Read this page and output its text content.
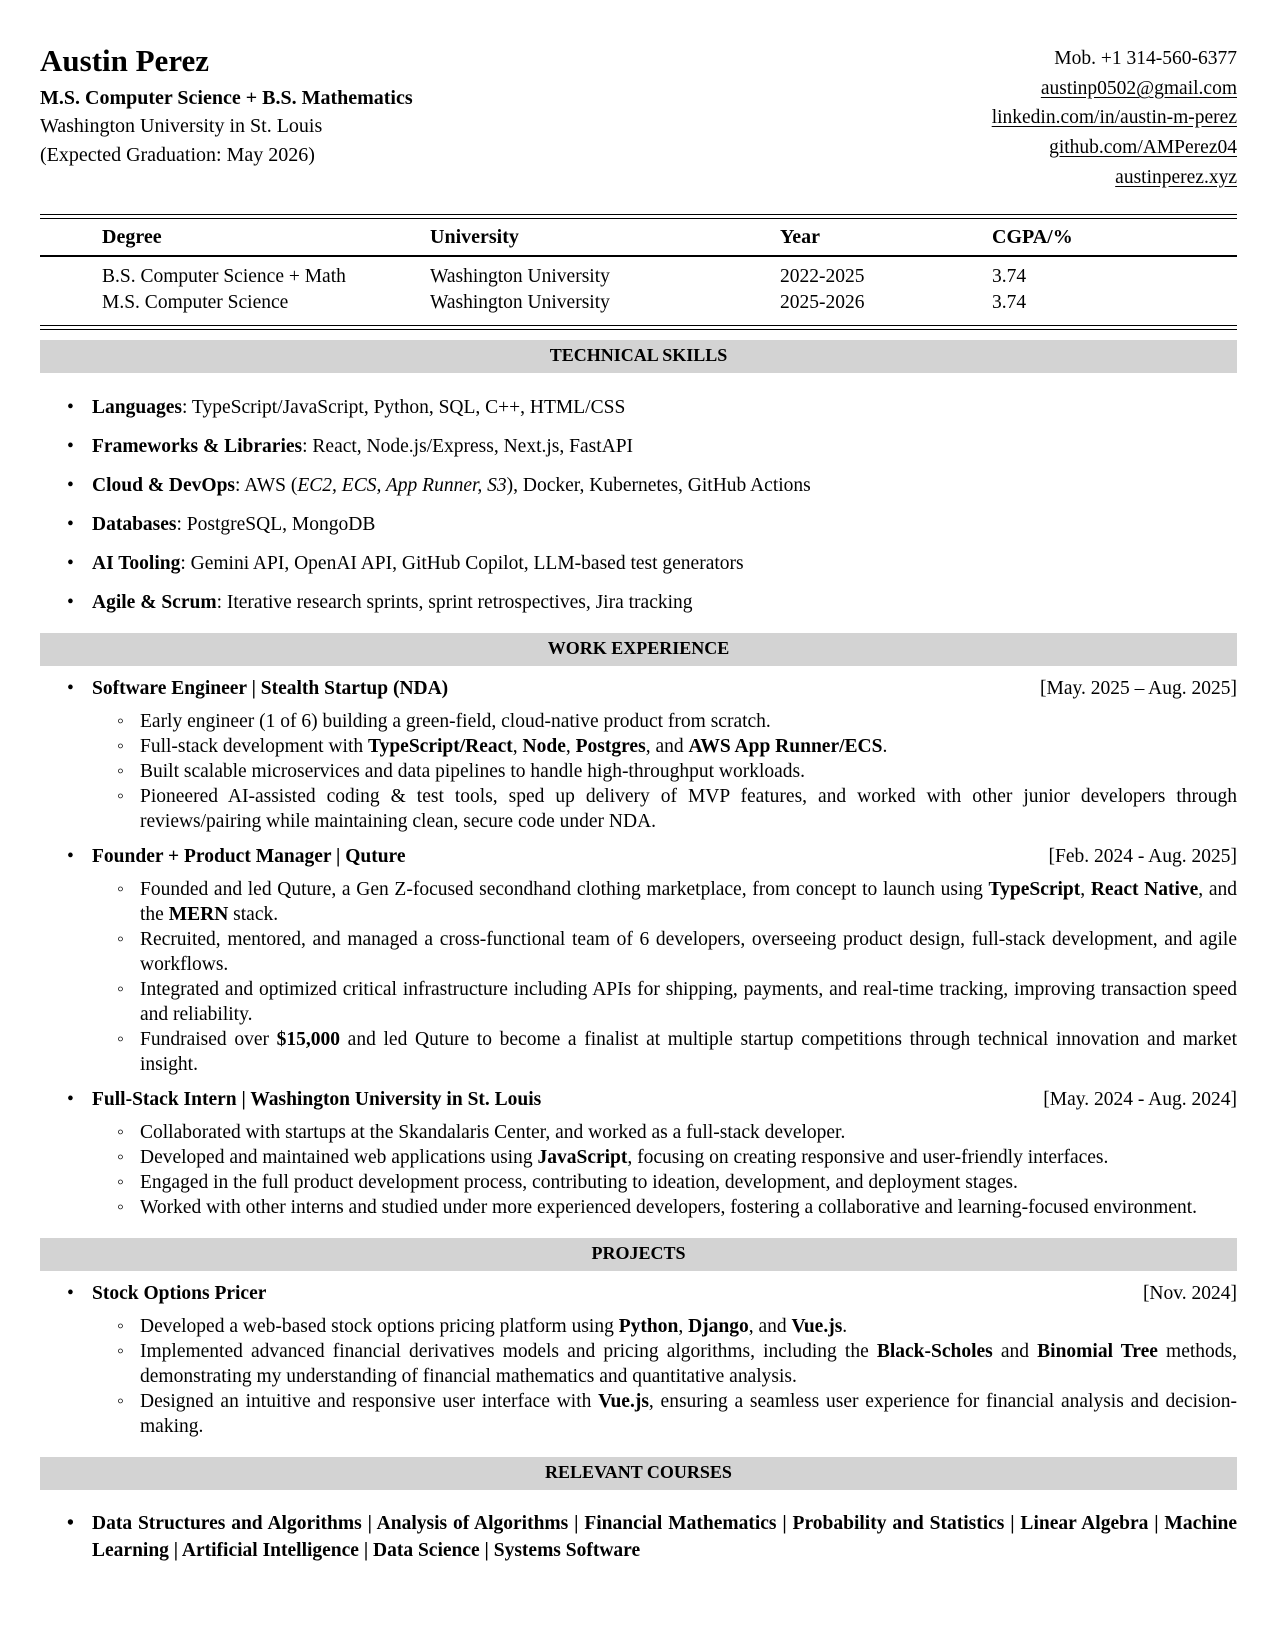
Austin Perez
M.S. Computer Science + B.S. Mathematics
Washington University in St. Louis
(Expected Graduation: May 2026)
Mob. +1 314-560-6377
austinp0502@gmail.com
linkedin.com/in/austin-m-perez
github.com/AMPerez04
austinperez.xyz
Degree	University	Year	CGPA/%
B.S. Computer Science + Math	Washington University	2022-2025	3.74
M.S. Computer Science	Washington University	2025-2026	3.74
TECHNICAL SKILLS
• Languages: TypeScript/JavaScript, Python, SQL, C++, HTML/CSS
• Frameworks & Libraries: React, Node.js/Express, Next.js, FastAPI
• Cloud & DevOps: AWS (EC2, ECS, App Runner, S3), Docker, Kubernetes, GitHub Actions
• Databases: PostgreSQL, MongoDB
• AI Tooling: Gemini API, OpenAI API, GitHub Copilot, LLM-based test generators
• Agile & Scrum: Iterative research sprints, sprint retrospectives, Jira tracking
WORK EXPERIENCE
• Software Engineer | Stealth Startup (NDA)	[May. 2025 – Aug. 2025]
◦ Early engineer (1 of 6) building a green-field, cloud-native product from scratch.
◦ Full-stack development with TypeScript/React, Node, Postgres, and AWS App Runner/ECS.
◦ Built scalable microservices and data pipelines to handle high-throughput workloads.
◦ Pioneered AI-assisted coding & test tools, sped up delivery of MVP features, and worked with other junior developers through reviews/pairing while maintaining clean, secure code under NDA.
• Founder + Product Manager | Quture	[Feb. 2024 - Aug. 2025]
◦ Founded and led Quture, a Gen Z-focused secondhand clothing marketplace, from concept to launch using TypeScript, React Native, and the MERN stack.
◦ Recruited, mentored, and managed a cross-functional team of 6 developers, overseeing product design, full-stack development, and agile workflows.
◦ Integrated and optimized critical infrastructure including APIs for shipping, payments, and real-time tracking, improving transaction speed and reliability.
◦ Fundraised over $15,000 and led Quture to become a finalist at multiple startup competitions through technical innovation and market insight.
• Full-Stack Intern | Washington University in St. Louis	[May. 2024 - Aug. 2024]
◦ Collaborated with startups at the Skandalaris Center, and worked as a full-stack developer.
◦ Developed and maintained web applications using JavaScript, focusing on creating responsive and user-friendly interfaces.
◦ Engaged in the full product development process, contributing to ideation, development, and deployment stages.
◦ Worked with other interns and studied under more experienced developers, fostering a collaborative and learning-focused environment.
PROJECTS
• Stock Options Pricer	[Nov. 2024]
◦ Developed a web-based stock options pricing platform using Python, Django, and Vue.js.
◦ Implemented advanced financial derivatives models and pricing algorithms, including the Black-Scholes and Binomial Tree methods, demonstrating my understanding of financial mathematics and quantitative analysis.
◦ Designed an intuitive and responsive user interface with Vue.js, ensuring a seamless user experience for financial analysis and decision-making.
RELEVANT COURSES
• Data Structures and Algorithms | Analysis of Algorithms | Financial Mathematics | Probability and Statistics | Linear Algebra | Machine Learning | Artificial Intelligence | Data Science | Systems Software
